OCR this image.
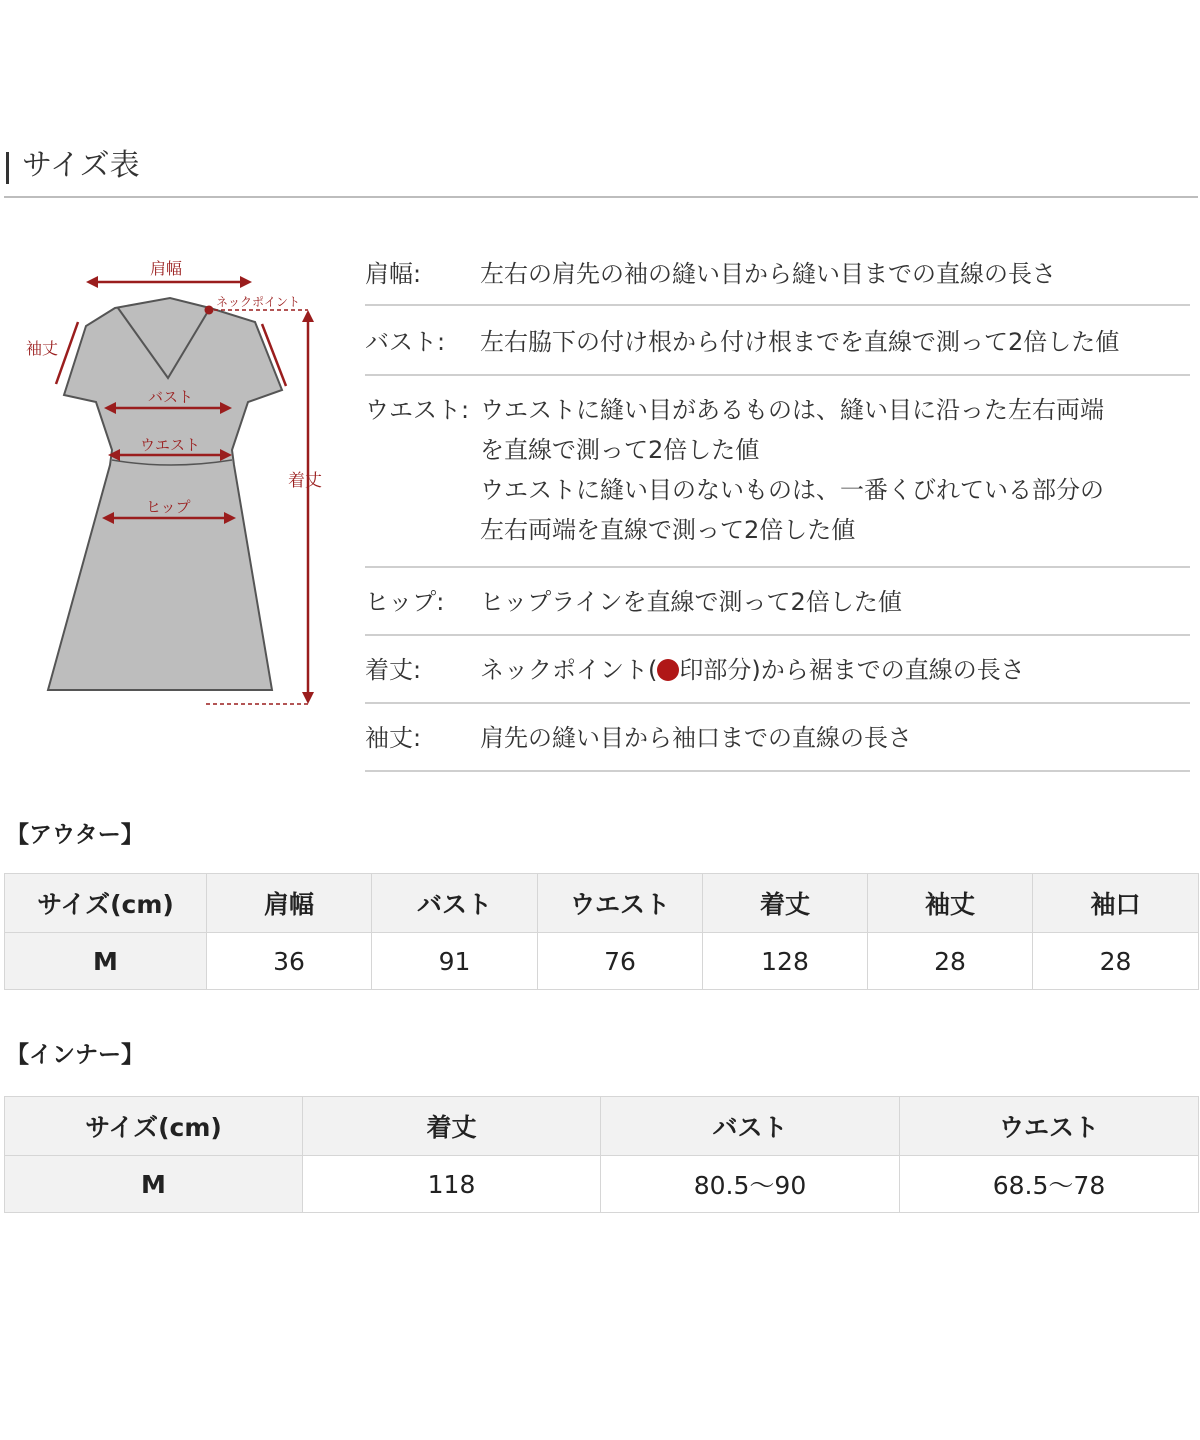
サイズ表
肩幅
ネックポイント
袖丈
バスト
ウエスト
ヒップ
着丈
肩幅:	左右の肩先の袖の縫い目から縫い目までの直線の長さ
バスト:	左右脇下の付け根から付け根までを直線で測って2倍した値
ウエスト: ウエストに縫い目があるものは、縫い目に沿った左右両端
を直線で測って2倍した値
ウエストに縫い目のないものは、一番くびれている部分の
左右両端を直線で測って2倍した値
ヒップ:	ヒップラインを直線で測って2倍した値
着丈:	ネックポイント( 印部分)から裾までの直線の長さ
袖丈:	肩先の縫い目から袖口までの直線の長さ
【アウター】
サイズ(cm)	肩幅	バスト	ウエスト	着丈	袖丈	袖口
M	36	91	76	128	28	28
【インナー】
サイズ(cm)	着丈	バスト	ウエスト
M	118	80.5〜90	68.5〜78
